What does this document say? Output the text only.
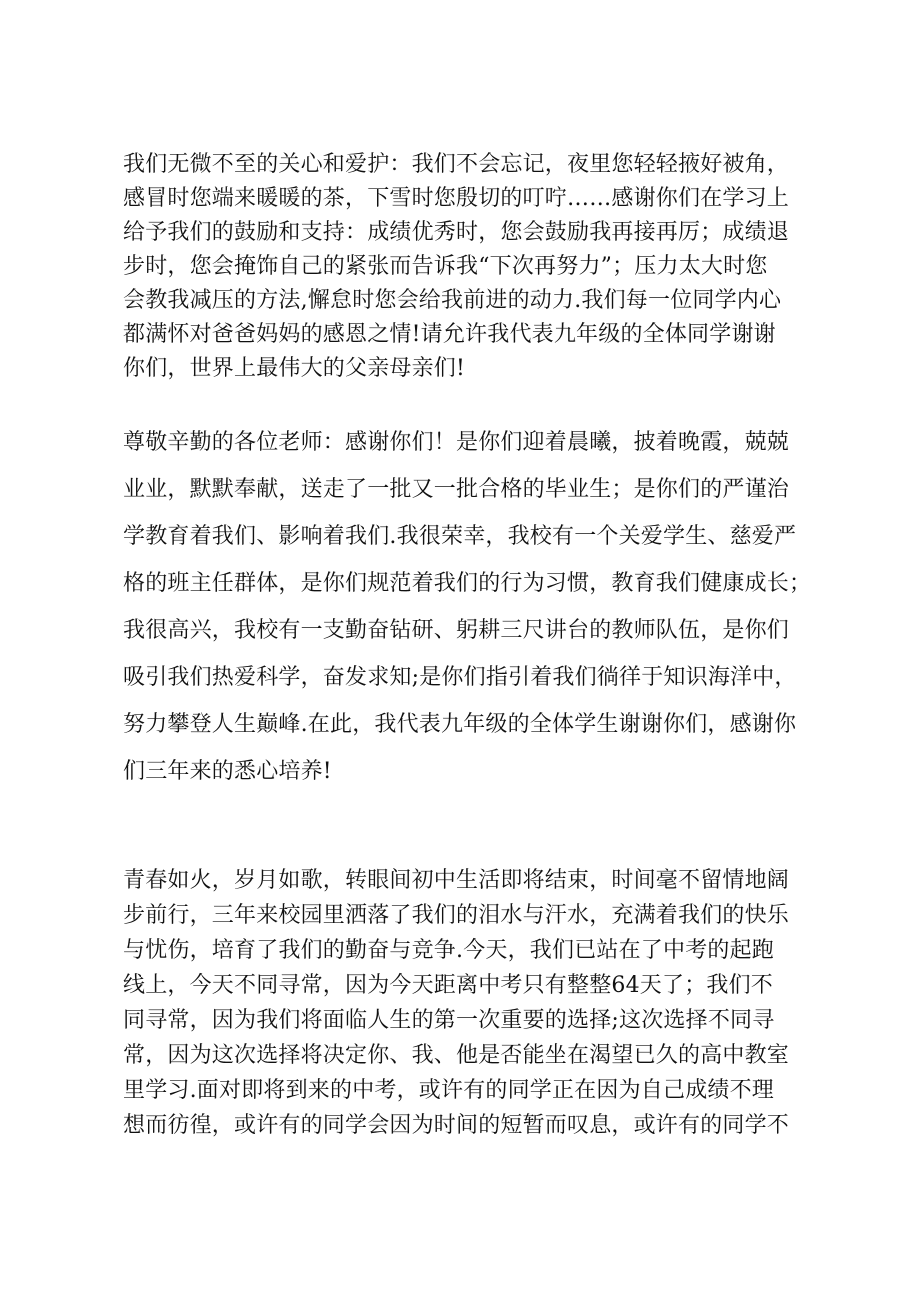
我们无微不至的关心和爱护：我们不会忘记，夜里您轻轻掖好被角，
感冒时您端来暖暖的茶，下雪时您殷切的叮咛……感谢你们在学习上
给予我们的鼓励和支持：成绩优秀时，您会鼓励我再接再厉；成绩退
步时，您会掩饰自己的紧张而告诉我“下次再努力”；压力太大时您
会教我减压的方法,懈怠时您会给我前进的动力.我们每一位同学内心
都满怀对爸爸妈妈的感恩之情!请允许我代表九年级的全体同学谢谢
你们，世界上最伟大的父亲母亲们!
尊敬辛勤的各位老师：感谢你们！是你们迎着晨曦，披着晚霞，兢兢
业业，默默奉献，送走了一批又一批合格的毕业生；是你们的严谨治
学教育着我们、影响着我们.我很荣幸，我校有一个关爱学生、慈爱严
格的班主任群体，是你们规范着我们的行为习惯，教育我们健康成长；
我很高兴，我校有一支勤奋钻研、躬耕三尺讲台的教师队伍，是你们
吸引我们热爱科学，奋发求知;是你们指引着我们徜徉于知识海洋中，
努力攀登人生巅峰.在此，我代表九年级的全体学生谢谢你们，感谢你
们三年来的悉心培养!
青春如火，岁月如歌，转眼间初中生活即将结束，时间毫不留情地阔
步前行，三年来校园里洒落了我们的泪水与汗水，充满着我们的快乐
与忧伤，培育了我们的勤奋与竞争.今天，我们已站在了中考的起跑
线上，今天不同寻常，因为今天距离中考只有整整64天了；我们不
同寻常，因为我们将面临人生的第一次重要的选择;这次选择不同寻
常，因为这次选择将决定你、我、他是否能坐在渴望已久的高中教室
里学习.面对即将到来的中考，或许有的同学正在因为自己成绩不理
想而彷徨，或许有的同学会因为时间的短暂而叹息，或许有的同学不
